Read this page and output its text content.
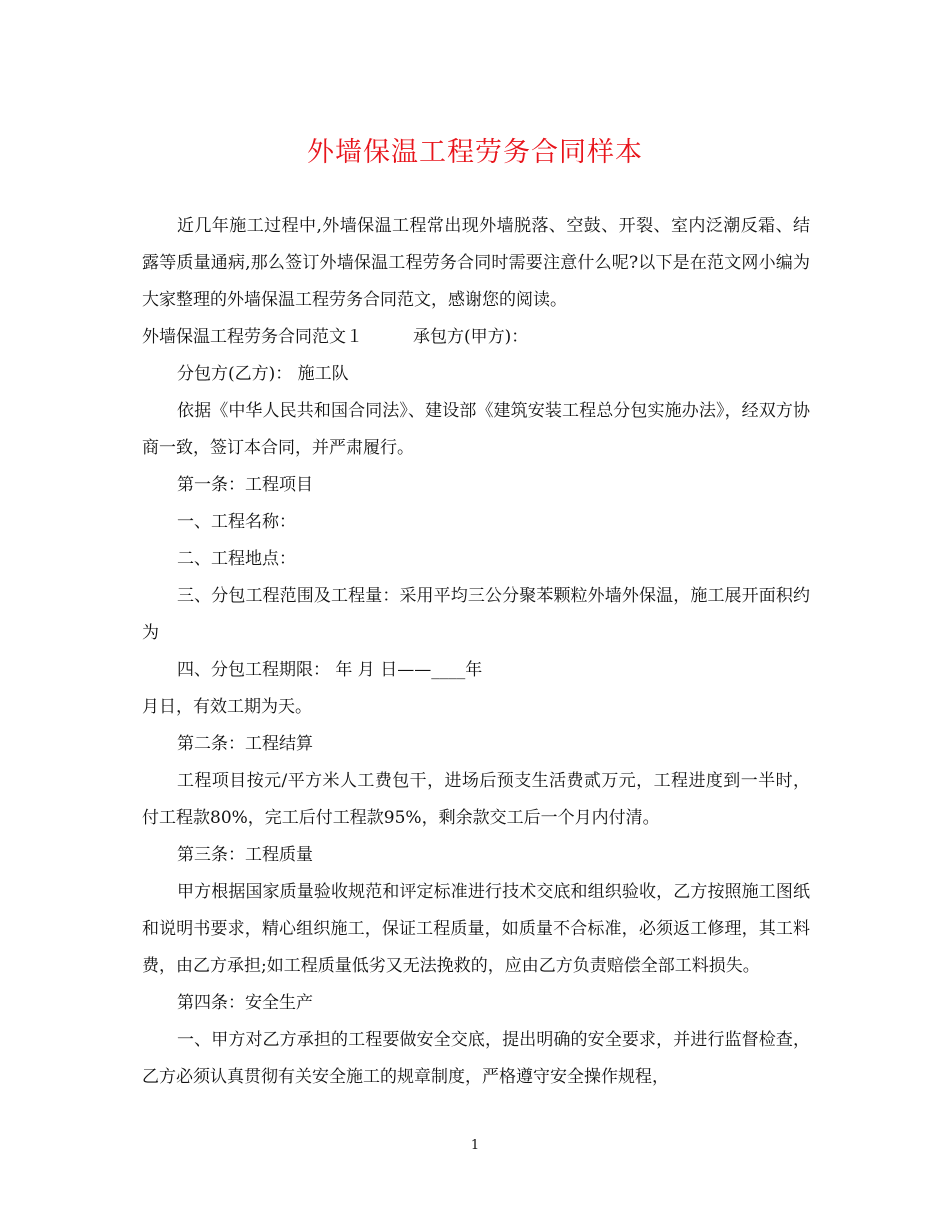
外墙保温工程劳务合同样本

近几年施工过程中,外墙保温工程常出现外墙脱落、空鼓、开裂、室内泛潮反霜、结露等质量通病,那么签订外墙保温工程劳务合同时需要注意什么呢?以下是在范文网小编为大家整理的外墙保温工程劳务合同范文，感谢您的阅读。

外墙保温工程劳务合同范文１	承包方(甲方)：

分包方(乙方)： 施工队

依据《中华人民共和国合同法》、建设部《建筑安装工程总分包实施办法》，经双方协商一致，签订本合同，并严肃履行。

第一条：工程项目

一、工程名称：

二、工程地点：

三、分包工程范围及工程量：采用平均三公分聚苯颗粒外墙外保温，施工展开面积约为

四、分包工程期限： 年 月 日——____年

月日，有效工期为天。

第二条：工程结算

工程项目按元/平方米人工费包干，进场后预支生活费贰万元，工程进度到一半时，付工程款80%，完工后付工程款95%，剩余款交工后一个月内付清。

第三条：工程质量

甲方根据国家质量验收规范和评定标准进行技术交底和组织验收，乙方按照施工图纸和说明书要求，精心组织施工，保证工程质量，如质量不合标准，必须返工修理，其工料费，由乙方承担;如工程质量低劣又无法挽救的，应由乙方负责赔偿全部工料损失。

第四条：安全生产

一、甲方对乙方承担的工程要做安全交底，提出明确的安全要求，并进行监督检查，乙方必须认真贯彻有关安全施工的规章制度，严格遵守安全操作规程，

1
